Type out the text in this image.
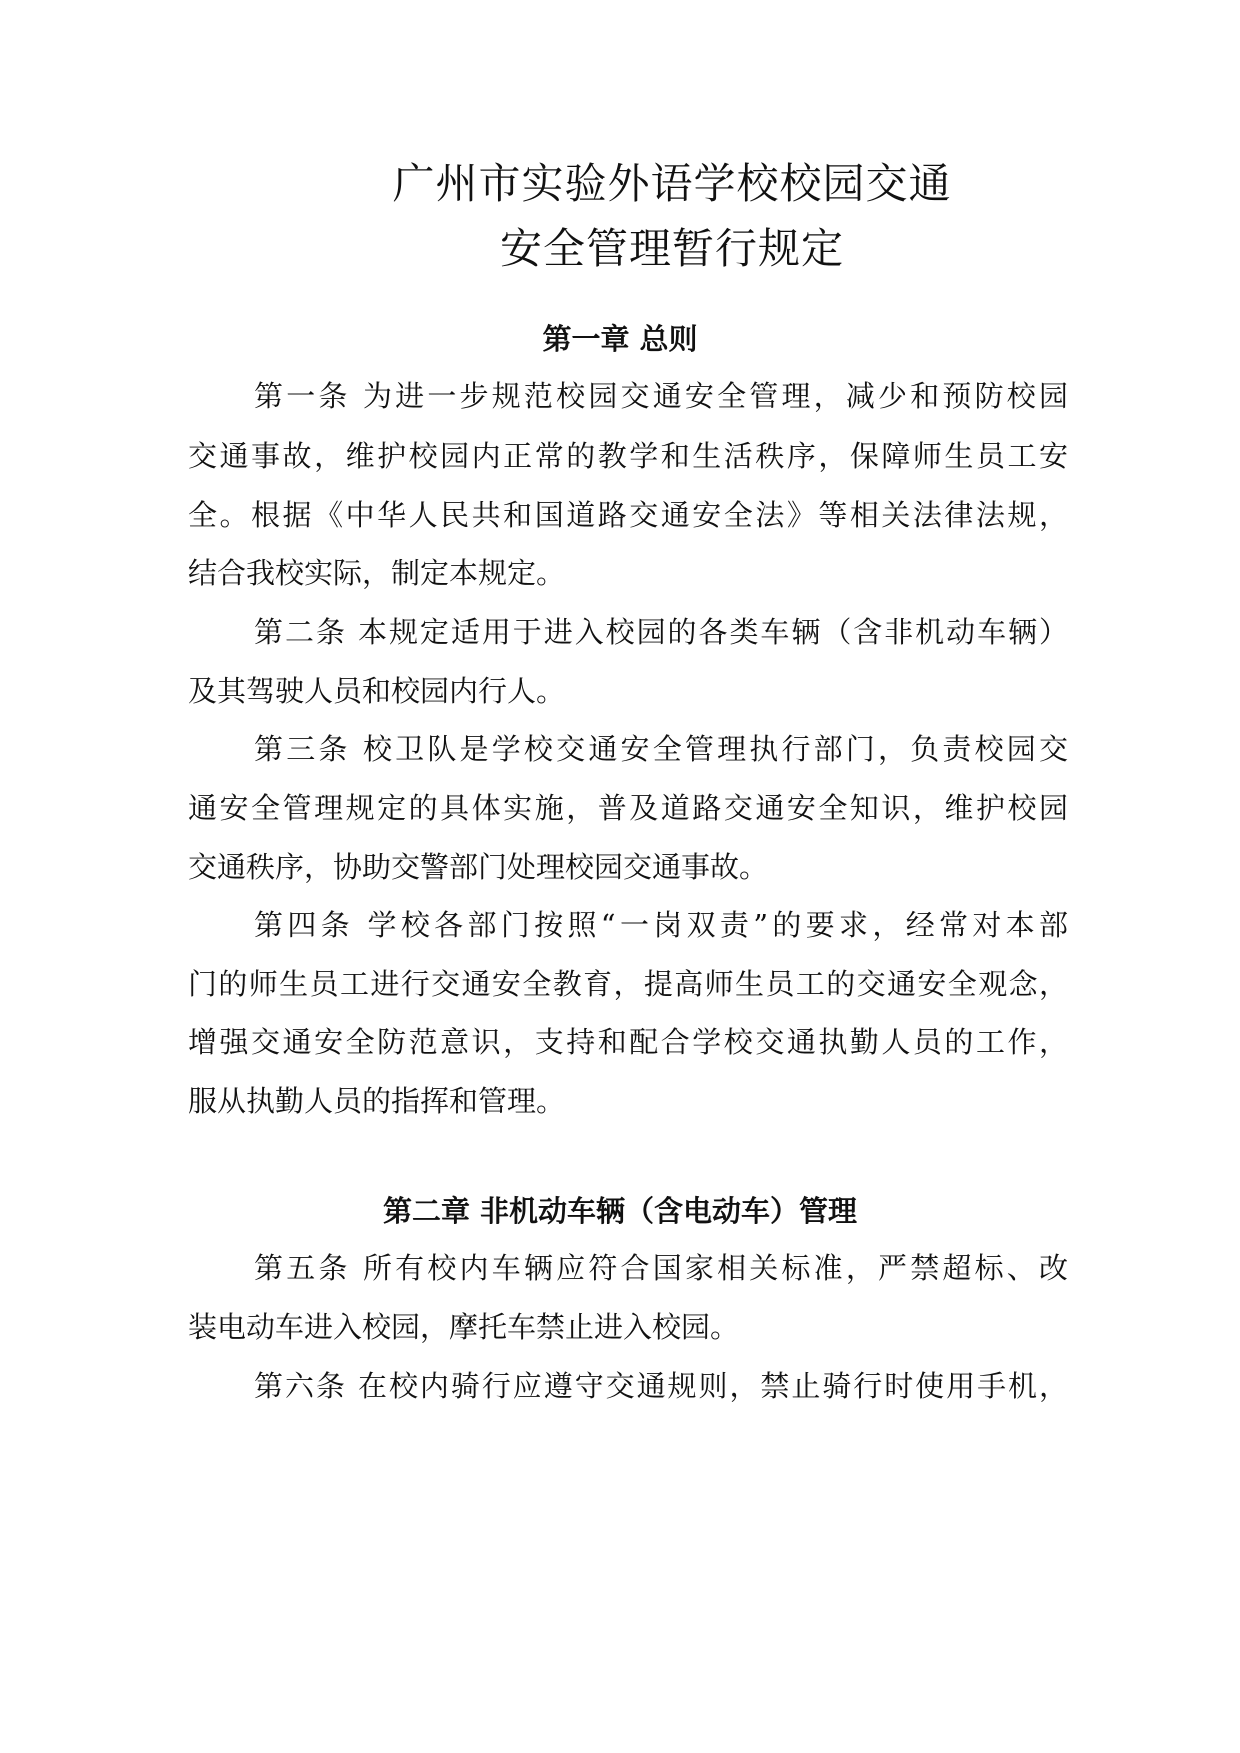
广州市实验外语学校校园交通
安全管理暂行规定
第一章 总则
第一条 为进一步规范校园交通安全管理，减少和预防校园
交通事故，维护校园内正常的教学和生活秩序，保障师生员工安
全。根据《中华人民共和国道路交通安全法》等相关法律法规，
结合我校实际，制定本规定。
第二条 本规定适用于进入校园的各类车辆（含非机动车辆）
及其驾驶人员和校园内行人。
第三条 校卫队是学校交通安全管理执行部门，负责校园交
通安全管理规定的具体实施，普及道路交通安全知识，维护校园
交通秩序，协助交警部门处理校园交通事故。
第四条 学校各部门按照“一岗双责”的要求，经常对本部
门的师生员工进行交通安全教育，提高师生员工的交通安全观念，
增强交通安全防范意识，支持和配合学校交通执勤人员的工作，
服从执勤人员的指挥和管理。
第二章 非机动车辆（含电动车）管理
第五条 所有校内车辆应符合国家相关标准，严禁超标、改
装电动车进入校园，摩托车禁止进入校园。
第六条 在校内骑行应遵守交通规则，禁止骑行时使用手机，
